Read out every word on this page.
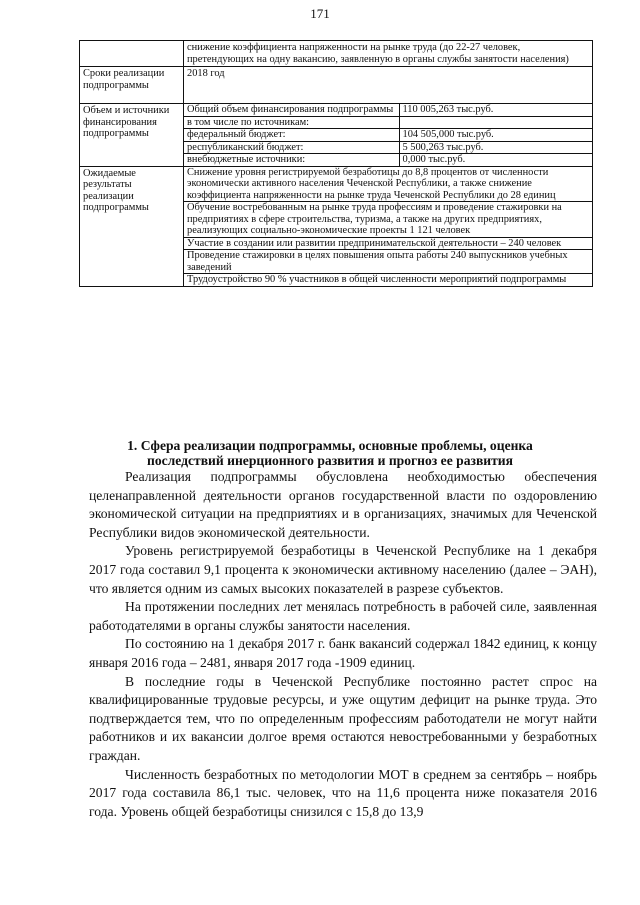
171
	снижение коэффициента напряженности на рынке труда (до 22-27 человек, претендующих на одну вакансию, заявленную в органы службы занятости населения)
Сроки реализации подпрограммы	2018 год
Объем и источники финансирования подпрограммы	
Общий объем финансирования подпрограммы	110 005,263 тыс.руб.
в том числе по источникам:	
федеральный бюджет:	104 505,000 тыс.руб.
республиканский бюджет:	5 500,263 тыс.руб.
внебюджетные источники:	0,000 тыс.руб.

Ожидаемые результаты реализации подпрограммы	
Снижение уровня регистрируемой безработицы до 8,8 процентов от численности экономически активного населения Чеченской Республики, а также снижение коэффициента напряженности на рынке труда Чеченской Республики до 28 единиц
Обучение востребованным на рынке труда профессиям и проведение стажировки на предприятиях в сфере строительства, туризма, а также на других предприятиях, реализующих социально-экономические проекты 1 121 человек
Участие в создании или развитии предпринимательской деятельности – 240 человек
Проведение стажировки в целях повышения опыта работы 240 выпускников учебных заведений
Трудоустройство 90 % участников в общей численности мероприятий подпрограммы
1. Сфера реализации подпрограммы, основные проблемы, оценка последствий инерционного развития и прогноз ее развития

Реализация подпрограммы обусловлена необходимостью обеспечения целенаправленной деятельности органов государственной власти по оздоровлению экономической ситуации на предприятиях и в организациях, значимых для Чеченской Республики видов экономической деятельности.

Уровень регистрируемой безработицы в Чеченской Республике на 1 декабря 2017 года составил 9,1 процента к экономически активному населению (далее – ЭАН), что является одним из самых высоких показателей в разрезе субъектов.

На протяжении последних лет менялась потребность в рабочей силе, заявленная работодателями в органы службы занятости населения.

По состоянию на 1 декабря 2017 г. банк вакансий содержал 1842 единиц, к концу января 2016 года – 2481, января 2017 года -1909 единиц.

В последние годы в Чеченской Республике постоянно растет спрос на квалифицированные трудовые ресурсы, и уже ощутим дефицит на рынке труда. Это подтверждается тем, что по определенным профессиям работодатели не могут найти работников и их вакансии долгое время остаются невостребованными у безработных граждан.

Численность безработных по методологии МОТ в среднем за сентябрь – ноябрь 2017 года составила 86,1 тыс. человек, что на 11,6 процента ниже показателя 2016 года. Уровень общей безработицы снизился с 15,8 до 13,9
